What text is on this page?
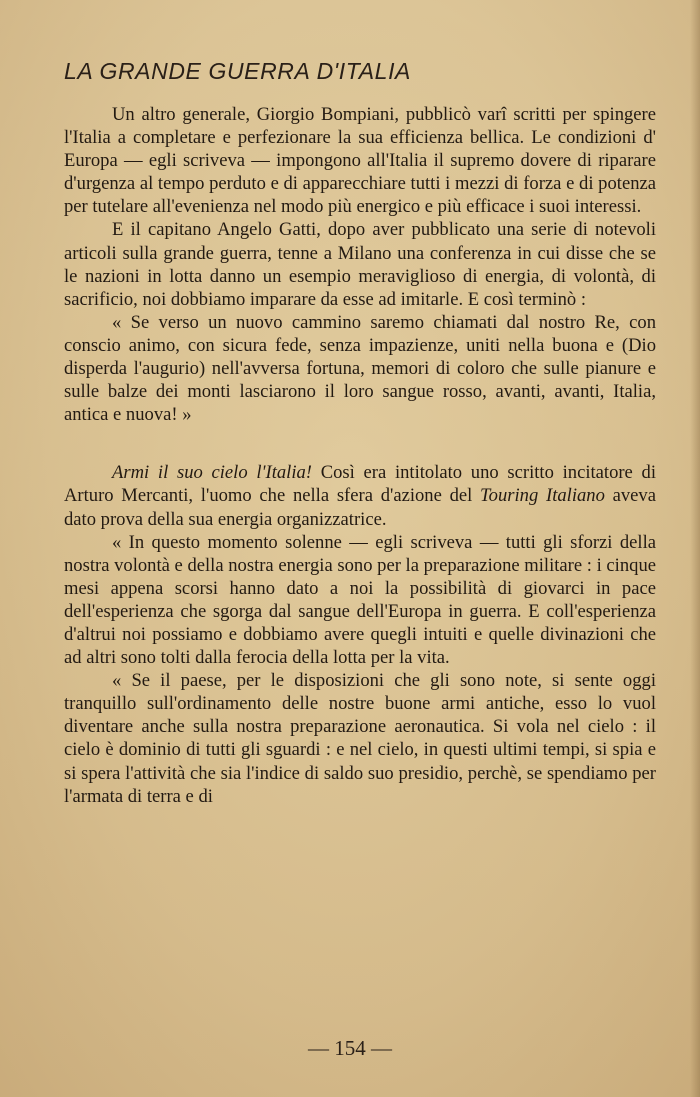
LA GRANDE GUERRA D'ITALIA

Un altro generale, Giorgio Bompiani, pubblicò varî scritti per spingere l'Italia a completare e perfezionare la sua efficienza bellica. Le condizioni d' Europa — egli scriveva — impongono all'Italia il supremo dovere di riparare d'urgenza al tempo perduto e di apparecchiare tutti i mezzi di forza e di potenza per tutelare all'evenienza nel modo più energico e più efficace i suoi interessi.

E il capitano Angelo Gatti, dopo aver pubblicato una serie di notevoli articoli sulla grande guerra, tenne a Milano una conferenza in cui disse che se le nazioni in lotta danno un esempio meraviglioso di energia, di volontà, di sacrificio, noi dobbiamo imparare da esse ad imitarle. E così terminò :

« Se verso un nuovo cammino saremo chiamati dal nostro Re, con conscio animo, con sicura fede, senza impazienze, uniti nella buona e (Dio disperda l'augurio) nell'avversa fortuna, memori di coloro che sulle pianure e sulle balze dei monti lasciarono il loro sangue rosso, avanti, avanti, Italia, antica e nuova! »

Armi il suo cielo l'Italia! Così era intitolato uno scritto incitatore di Arturo Mercanti, l'uomo che nella sfera d'azione del Touring Italiano aveva dato prova della sua energia organizzatrice.

« In questo momento solenne — egli scriveva — tutti gli sforzi della nostra volontà e della nostra energia sono per la preparazione militare : i cinque mesi appena scorsi hanno dato a noi la possibilità di giovarci in pace dell'esperienza che sgorga dal sangue dell'Europa in guerra. E coll'esperienza d'altrui noi possiamo e dobbiamo avere quegli intuiti e quelle divinazioni che ad altri sono tolti dalla ferocia della lotta per la vita.

« Se il paese, per le disposizioni che gli sono note, si sente oggi tranquillo sull'ordinamento delle nostre buone armi antiche, esso lo vuol diventare anche sulla nostra preparazione aeronautica. Si vola nel cielo : il cielo è dominio di tutti gli sguardi : e nel cielo, in questi ultimi tempi, si spia e si spera l'attività che sia l'indice di saldo suo presidio, perchè, se spendiamo per l'armata di terra e di

— 154 —
